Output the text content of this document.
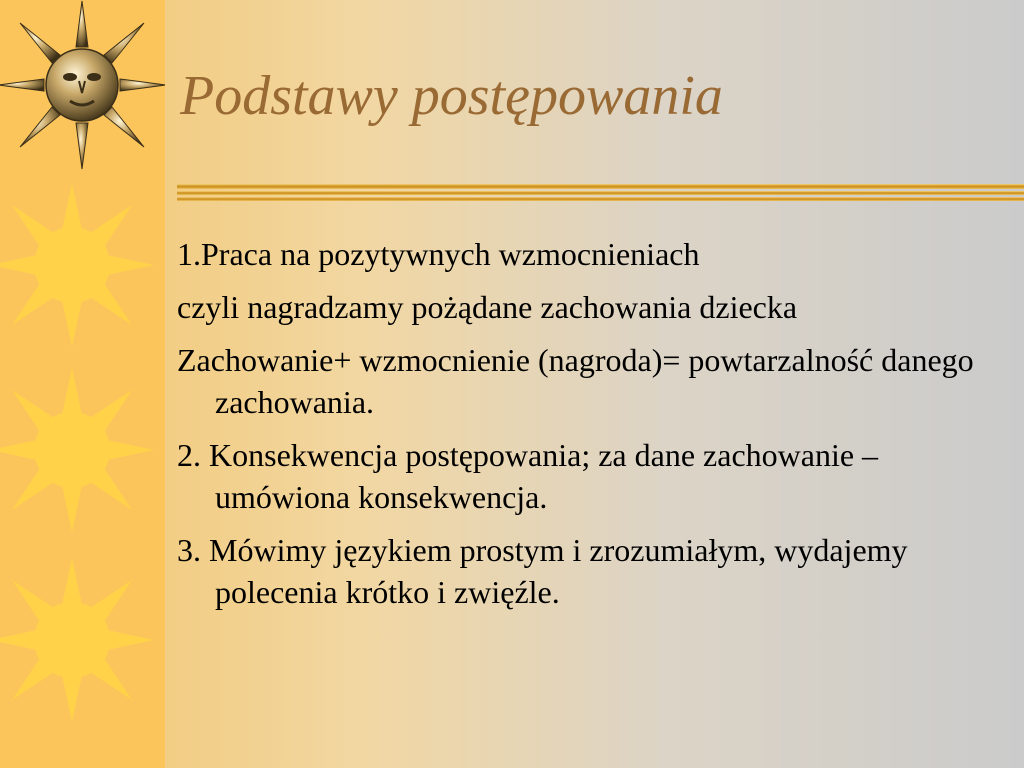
Podstawy postępowania

1.Praca na pozytywnych wzmocnieniach

czyli nagradzamy pożądane zachowania dziecka

Zachowanie+ wzmocnienie (nagroda)= powtarzalność danego zachowania.

2. Konsekwencja postępowania; za dane zachowanie – umówiona konsekwencja.

3. Mówimy językiem prostym i zrozumiałym, wydajemy polecenia krótko i zwięźle.
